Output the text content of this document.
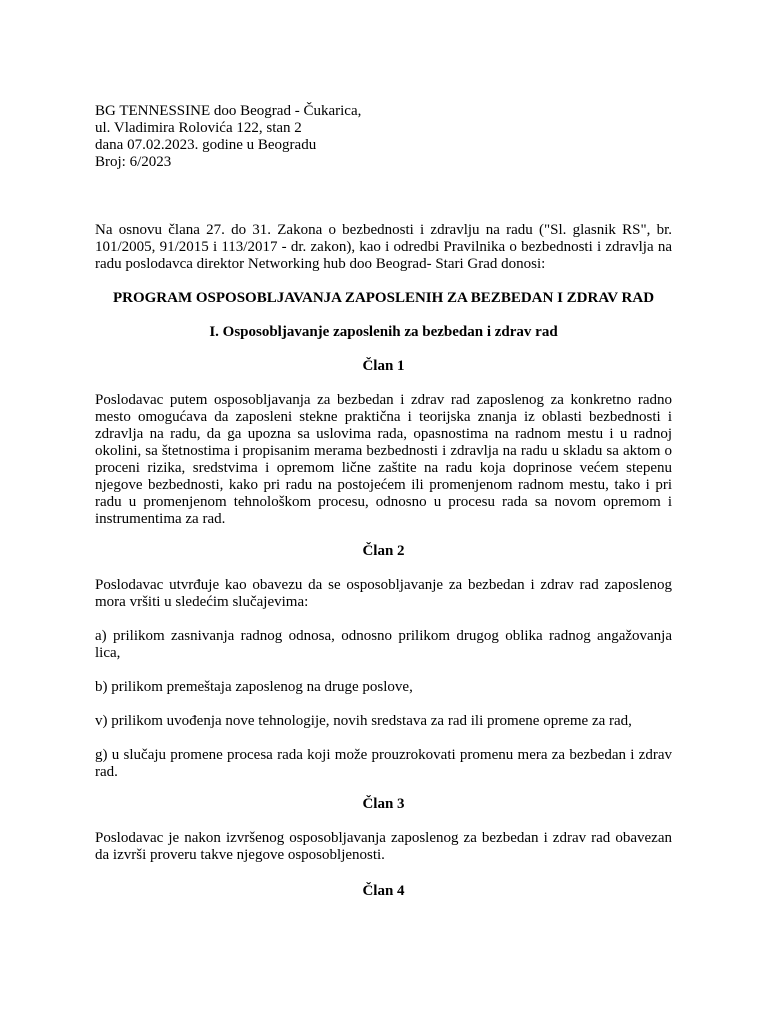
BG TENNESSINE doo Beograd - Čukarica,
ul. Vladimira Rolovića 122, stan 2
dana 07.02.2023. godine u Beogradu
Broj: 6/2023
Na osnovu člana 27. do 31. Zakona o bezbednosti i zdravlju na radu ("Sl. glasnik RS", br. 101/2005, 91/2015 i 113/2017 - dr. zakon), kao i odredbi Pravilnika o bezbednosti i zdravlja na radu poslodavca direktor Networking hub doo Beograd- Stari Grad donosi:
PROGRAM OSPOSOBLJAVANJA ZAPOSLENIH ZA BEZBEDAN I ZDRAV RAD
I. Osposobljavanje zaposlenih za bezbedan i zdrav rad
Član 1
Poslodavac putem osposobljavanja za bezbedan i zdrav rad zaposlenog za konkretno radno mesto omogućava da zaposleni stekne praktična i teorijska znanja iz oblasti bezbednosti i zdravlja na radu, da ga upozna sa uslovima rada, opasnostima na radnom mestu i u radnoj okolini, sa štetnostima i propisanim merama bezbednosti i zdravlja na radu u skladu sa aktom o proceni rizika, sredstvima i opremom lične zaštite na radu koja doprinose većem stepenu njegove bezbednosti, kako pri radu na postojećem ili promenjenom radnom mestu, tako i pri radu u promenjenom tehnološkom procesu, odnosno u procesu rada sa novom opremom i instrumentima za rad.
Član 2
Poslodavac utvrđuje kao obavezu da se osposobljavanje za bezbedan i zdrav rad zaposlenog mora vršiti u sledećim slučajevima:
a) prilikom zasnivanja radnog odnosa, odnosno prilikom drugog oblika radnog angažovanja lica,
b) prilikom premeštaja zaposlenog na druge poslove,
v) prilikom uvođenja nove tehnologije, novih sredstava za rad ili promene opreme za rad,
g) u slučaju promene procesa rada koji može prouzrokovati promenu mera za bezbedan i zdrav rad.
Član 3
Poslodavac je nakon izvršenog osposobljavanja zaposlenog za bezbedan i zdrav rad obavezan da izvrši proveru takve njegove osposobljenosti.
Član 4
